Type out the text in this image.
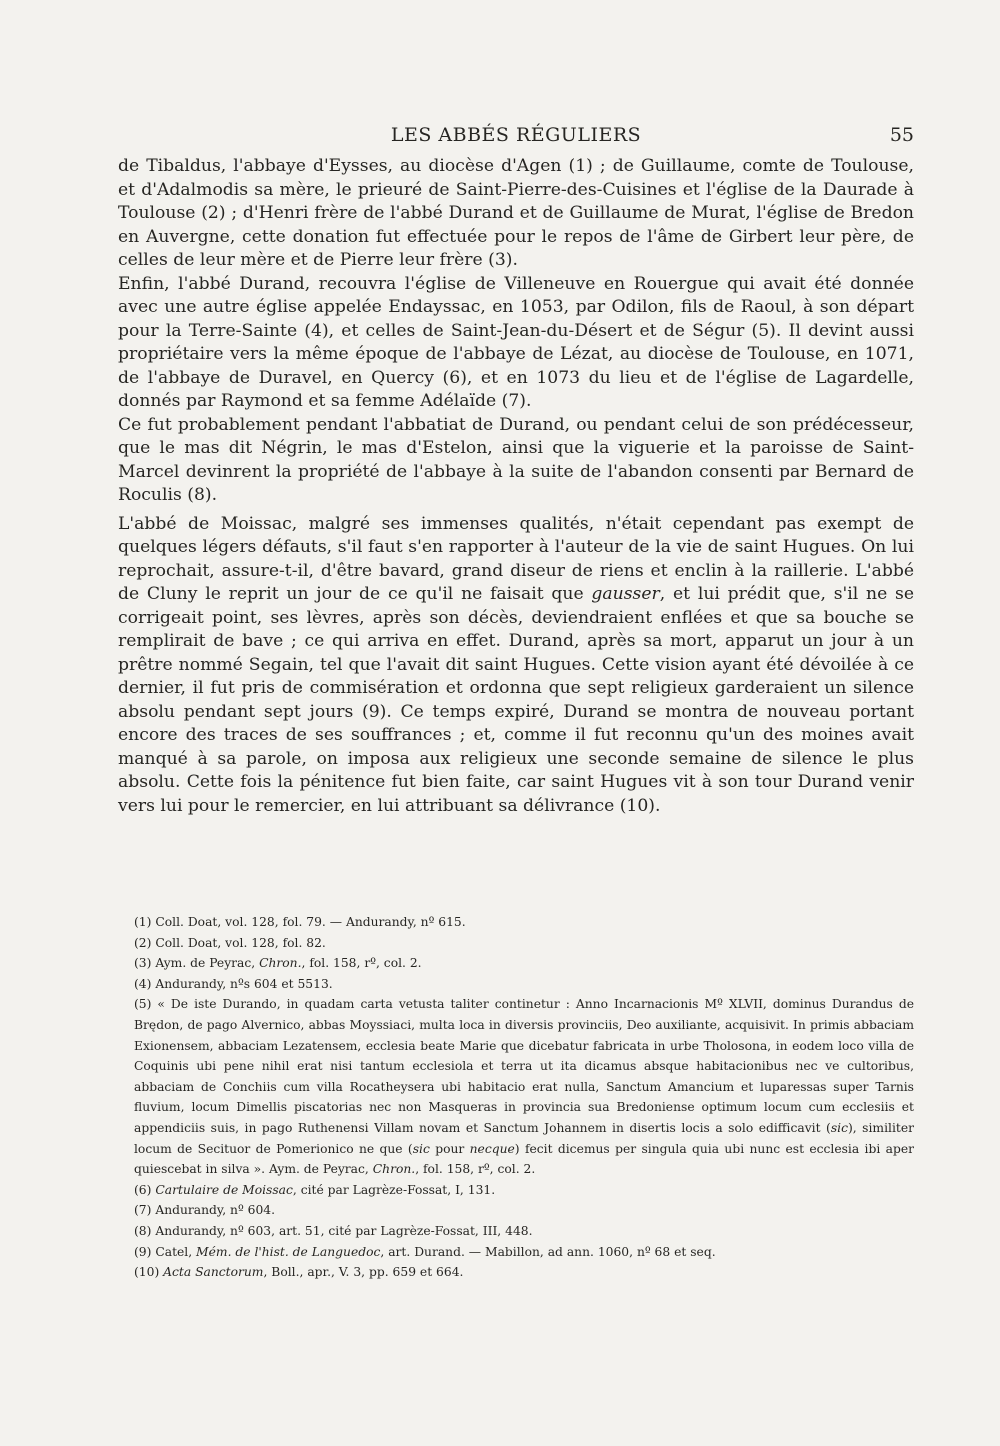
LES ABBÉS RÉGULIERS	55

de Tibaldus, l'abbaye d'Eysses, au diocèse d'Agen (1) ; de Guillaume, comte de Toulouse, et d'Adalmodis sa mère, le prieuré de Saint-Pierre-des-Cuisines et l'église de la Daurade à Toulouse (2) ; d'Henri frère de l'abbé Durand et de Guillaume de Murat, l'église de Bredon en Auvergne, cette donation fut effectuée pour le repos de l'âme de Girbert leur père, de celles de leur mère et de Pierre leur frère (3).

Enfin, l'abbé Durand, recouvra l'église de Villeneuve en Rouergue qui avait été donnée avec une autre église appelée Endayssac, en 1053, par Odilon, fils de Raoul, à son départ pour la Terre-Sainte (4), et celles de Saint-Jean-du-Désert et de Ségur (5). Il devint aussi propriétaire vers la même époque de l'abbaye de Lézat, au diocèse de Toulouse, en 1071, de l'abbaye de Duravel, en Quercy (6), et en 1073 du lieu et de l'église de Lagardelle, donnés par Raymond et sa femme Adélaïde (7).

Ce fut probablement pendant l'abbatiat de Durand, ou pendant celui de son prédécesseur, que le mas dit Négrin, le mas d'Estelon, ainsi que la viguerie et la paroisse de Saint-Marcel devinrent la propriété de l'abbaye à la suite de l'abandon consenti par Bernard de Roculis (8).

L'abbé de Moissac, malgré ses immenses qualités, n'était cependant pas exempt de quelques légers défauts, s'il faut s'en rapporter à l'auteur de la vie de saint Hugues. On lui reprochait, assure-t-il, d'être bavard, grand diseur de riens et enclin à la raillerie. L'abbé de Cluny le reprit un jour de ce qu'il ne faisait que gausser, et lui prédit que, s'il ne se corrigeait point, ses lèvres, après son décès, deviendraient enflées et que sa bouche se remplirait de bave ; ce qui arriva en effet. Durand, après sa mort, apparut un jour à un prêtre nommé Segain, tel que l'avait dit saint Hugues. Cette vision ayant été dévoilée à ce dernier, il fut pris de commisération et ordonna que sept religieux garderaient un silence absolu pendant sept jours (9). Ce temps expiré, Durand se montra de nouveau portant encore des traces de ses souffrances ; et, comme il fut reconnu qu'un des moines avait manqué à sa parole, on imposa aux religieux une seconde semaine de silence le plus absolu. Cette fois la pénitence fut bien faite, car saint Hugues vit à son tour Durand venir vers lui pour le remercier, en lui attribuant sa délivrance (10).

(1) Coll. Doat, vol. 128, fol. 79. — Andurandy, nº 615.

(2) Coll. Doat, vol. 128, fol. 82.

(3) Aym. de Peyrac, Chron., fol. 158, rº, col. 2.

(4) Andurandy, nºs 604 et 5513.

(5) « De iste Durando, in quadam carta vetusta taliter continetur : Anno Incarnacionis Mº XLVII, dominus Durandus de Brędon, de pago Alvernico, abbas Moyssiaci, multa loca in diversis provinciis, Deo auxiliante, acquisivit. In primis abbaciam Exionensem, abbaciam Lezatensem, ecclesia beate Marie que dicebatur fabricata in urbe Tholosona, in eodem loco villa de Coquinis ubi pene nihil erat nisi tantum ecclesiola et terra ut ita dicamus absque habitacionibus nec ve cultoribus, abbaciam de Conchiis cum villa Rocatheysera ubi habitacio erat nulla, Sanctum Amancium et luparessas super Tarnis fluvium, locum Dimellis piscatorias nec non Masqueras in provincia sua Bredoniense optimum locum cum ecclesiis et appendiciis suis, in pago Ruthenensi Villam novam et Sanctum Johannem in disertis locis a solo edifficavit (sic), similiter locum de Secituor de Pomerionico ne que (sic pour necque) fecit dicemus per singula quia ubi nunc est ecclesia ibi aper quiescebat in silva ». Aym. de Peyrac, Chron., fol. 158, rº, col. 2.

(6) Cartulaire de Moissac, cité par Lagrèze-Fossat, I, 131.

(7) Andurandy, nº 604.

(8) Andurandy, nº 603, art. 51, cité par Lagrèze-Fossat, III, 448.

(9) Catel, Mém. de l'hist. de Languedoc, art. Durand. — Mabillon, ad ann. 1060, nº 68 et seq.

(10) Acta Sanctorum, Boll., apr., V. 3, pp. 659 et 664.
